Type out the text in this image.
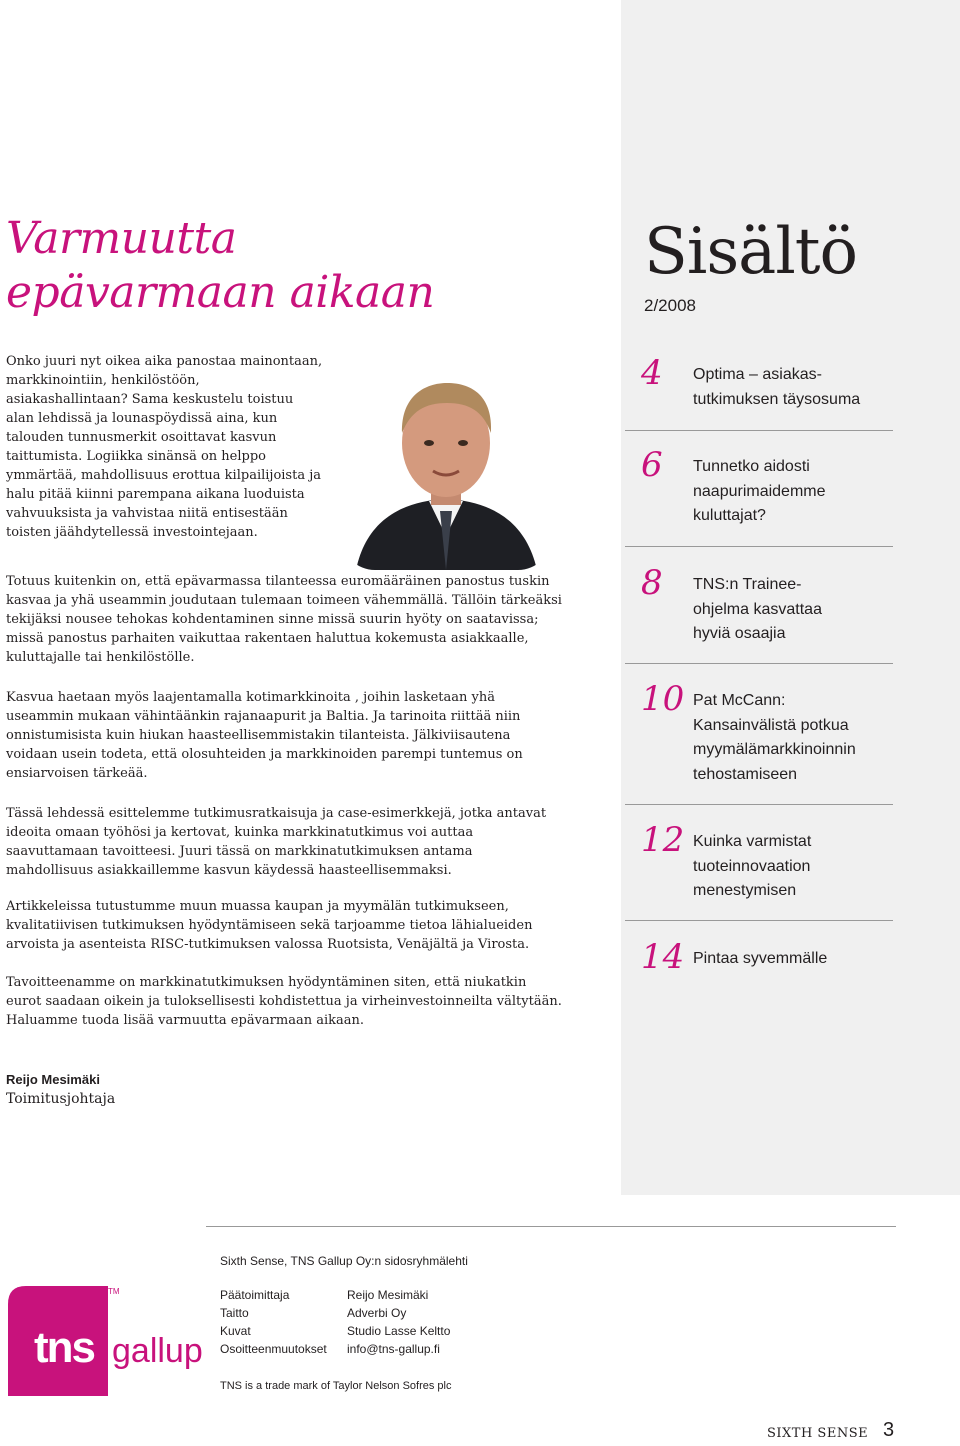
Varmuutta
epävarmaan aikaan

Onko juuri nyt oikea aika panostaa mainontaan, markkinointiin, henkilöstöön, asiakashallintaan? Sama keskustelu toistuu alan lehdissä ja lounaspöydissä aina, kun talouden tunnusmerkit osoittavat kasvun taittumista. Logiikka sinänsä on helppo ymmärtää, mahdollisuus erottua kilpailijoista ja halu pitää kiinni parempana aikana luoduista vahvuuksista ja vahvistaa niitä entisestään toisten jäähdytellessä investointejaan.

Totuus kuitenkin on, että epävarmassa tilanteessa euromääräinen panostus tuskin kasvaa ja yhä useammin joudutaan tulemaan toimeen vähemmällä. Tällöin tärkeäksi tekijäksi nousee tehokas kohdentaminen sinne missä suurin hyöty on saatavissa; missä panostus parhaiten vaikuttaa rakentaen haluttua kokemusta asiakkaalle, kuluttajalle tai henkilöstölle.

Kasvua haetaan myös laajentamalla kotimarkkinoita , joihin lasketaan yhä useammin mukaan vähintäänkin rajanaapurit ja Baltia. Ja tarinoita riittää niin onnistumisista kuin hiukan haasteellisemmistakin tilanteista. Jälkiviisautena voidaan usein todeta, että olosuhteiden ja markkinoiden parempi tuntemus on ensiarvoisen tärkeää.

Tässä lehdessä esittelemme tutkimusratkaisuja ja case-esimerkkejä, jotka antavat ideoita omaan työhösi ja kertovat, kuinka markkinatutkimus voi auttaa saavuttamaan tavoitteesi. Juuri tässä on markkinatutkimuksen antama mahdollisuus asiakkaillemme kasvun käydessä haasteellisemmaksi.

Artikkeleissa tutustumme muun muassa kaupan ja myymälän tutkimukseen, kvalitatiivisen tutkimuksen hyödyntämiseen sekä tarjoamme tietoa lähialueiden arvoista ja asenteista RISC-tutkimuksen valossa Ruotsista, Venäjältä ja Virosta.

Tavoitteenamme on markkinatutkimuksen hyödyntäminen siten, että niukatkin eurot saadaan oikein ja tuloksellisesti kohdistettua ja virheinvestoinneilta vältytään. Haluamme tuoda lisää varmuutta epävarmaan aikaan.

Reijo Mesimäki
Toimitusjohtaja
Sisältö
2/2008
4 Optima – asiakas-
tutkimuksen täysosuma
6 Tunnetko aidosti
naapurimaidemme
kuluttajat?
8 TNS:n Trainee-
ohjelma kasvattaa
hyviä osaajia
10 Pat McCann:
Kansainvälistä potkua
myymälämarkkinoinnin
tehostamiseen
12 Kuinka varmistat
tuoteinnovaation
menestymisen
14 Pintaa syvemmälle
Sixth Sense, TNS Gallup Oy:n sidosryhmälehti
Päätoimittaja	Reijo Mesimäki
Taitto	Adverbi Oy
Kuvat	Studio Lasse Keltto
Osoitteenmuutokset info@tns-gallup.fi
TNS is a trade mark of Taylor Nelson Sofres plc
tns gallup
TM
SIXTH SENSE 3
